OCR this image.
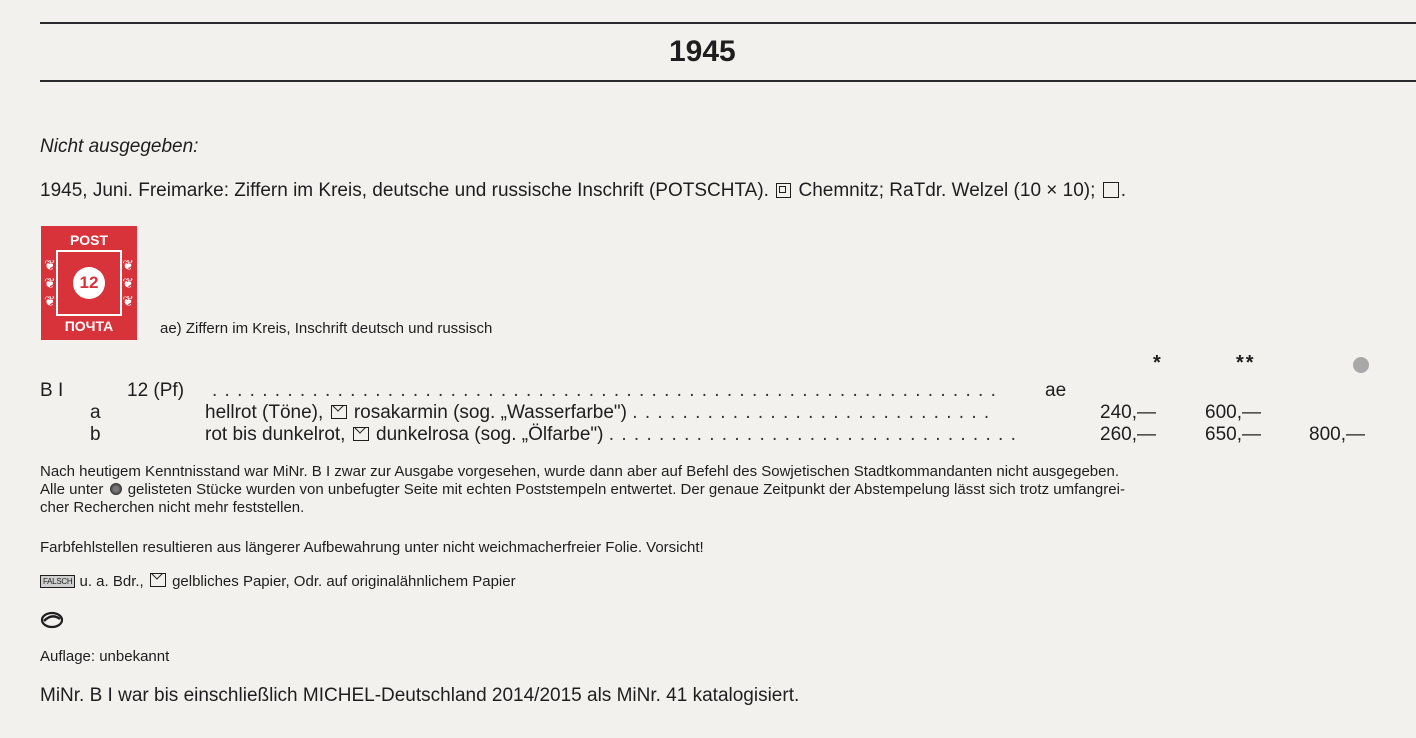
1945
Nicht ausgegeben:
1945, Juni. Freimarke: Ziffern im Kreis, deutsche und russische Inschrift (POTSCHTA). Chemnitz; RaTdr. Welzel (10 × 10); .
POST
12
❦
❦
❦
❦
❦
❦
ПОЧТА	ae) Ziffern im Kreis, Inschrift deutsch und russisch
*	**
B I	12 (Pf) . . . . . . . . . . . . . . . . . . . . . . . . . . . . . . . . . . . . . . . . . . . . . . . . . . . . . . . . . . . . . . .	ae
a	hellrot (Töne), rosakarmin (sog. „Wasserfarbe") . . . . . . . . . . . . . . . . . . . . . . . . . . . . .	240,—	600,—
b	rot bis dunkelrot, dunkelrosa (sog. „Ölfarbe") . . . . . . . . . . . . . . . . . . . . . . . . . . . . . . . . .	260,—	650,—	800,—
Nach heutigem Kenntnisstand war MiNr. B I zwar zur Ausgabe vorgesehen, wurde dann aber auf Befehl des Sowjetischen Stadtkommandanten nicht ausgegeben.
Alle unter gelisteten Stücke wurden von unbefugter Seite mit echten Poststempeln entwertet. Der genaue Zeitpunkt der Abstempelung lässt sich trotz umfangrei-
cher Recherchen nicht mehr feststellen.
Farbfehlstellen resultieren aus längerer Aufbewahrung unter nicht weichmacherfreier Folie. Vorsicht!
FALSCH u. a. Bdr., gelbliches Papier, Odr. auf originalähnlichem Papier
Auflage: unbekannt
MiNr. B I war bis einschließlich MICHEL-Deutschland 2014/2015 als MiNr. 41 katalogisiert.
